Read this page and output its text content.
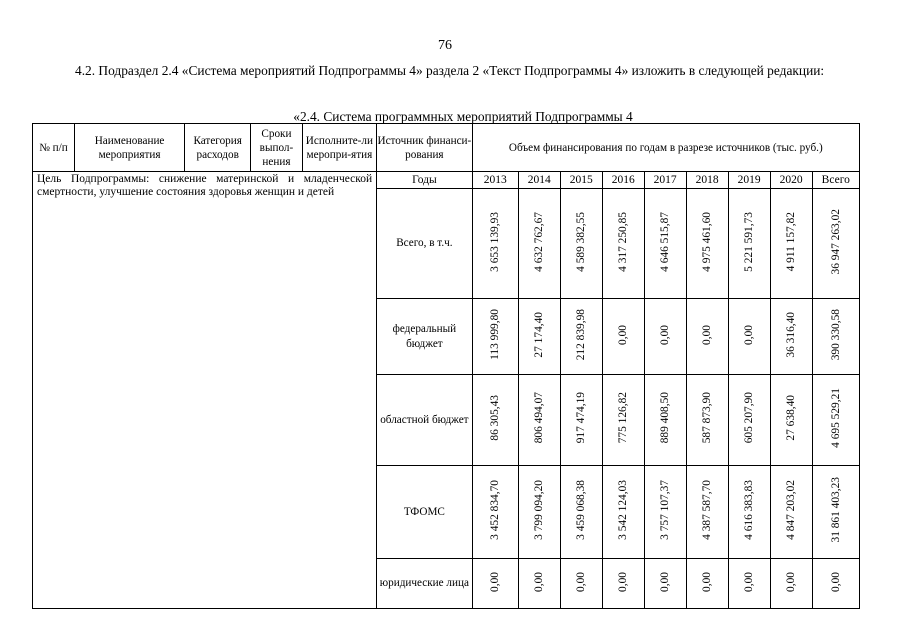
76
4.2. Подраздел 2.4 «Система мероприятий Подпрограммы 4» раздела 2 «Текст Подпрограммы 4» изложить в следующей редакции:
«2.4. Система программных мероприятий Подпрограммы 4
№ п/п	Наименование мероприятия	Категория расходов	Сроки выпол-нения	Исполните-ли меропри-ятия	Источник финанси-рования	Объем финансирования по годам в разрезе источников (тыс. руб.)								
Цель Подпрограммы: снижение материнской и младенческой смертности, улучшение состояния здоровья женщин и детей					Годы	2013	2014	2015	2016	2017	2018	2019	2020	Всего
					Всего, в т.ч.	3 653 139,93	4 632 762,67	4 589 382,55	4 317 250,85	4 646 515,87	4 975 461,60	5 221 591,73	4 911 157,82	36 947 263,02
					федеральный бюджет	113 999,80	27 174,40	212 839,98	0,00	0,00	0,00	0,00	36 316,40	390 330,58
					областной бюджет	86 305,43	806 494,07	917 474,19	775 126,82	889 408,50	587 873,90	605 207,90	27 638,40	4 695 529,21
					ТФОМС	3 452 834,70	3 799 094,20	3 459 068,38	3 542 124,03	3 757 107,37	4 387 587,70	4 616 383,83	4 847 203,02	31 861 403,23
					юридические лица	0,00	0,00	0,00	0,00	0,00	0,00	0,00	0,00	0,00
